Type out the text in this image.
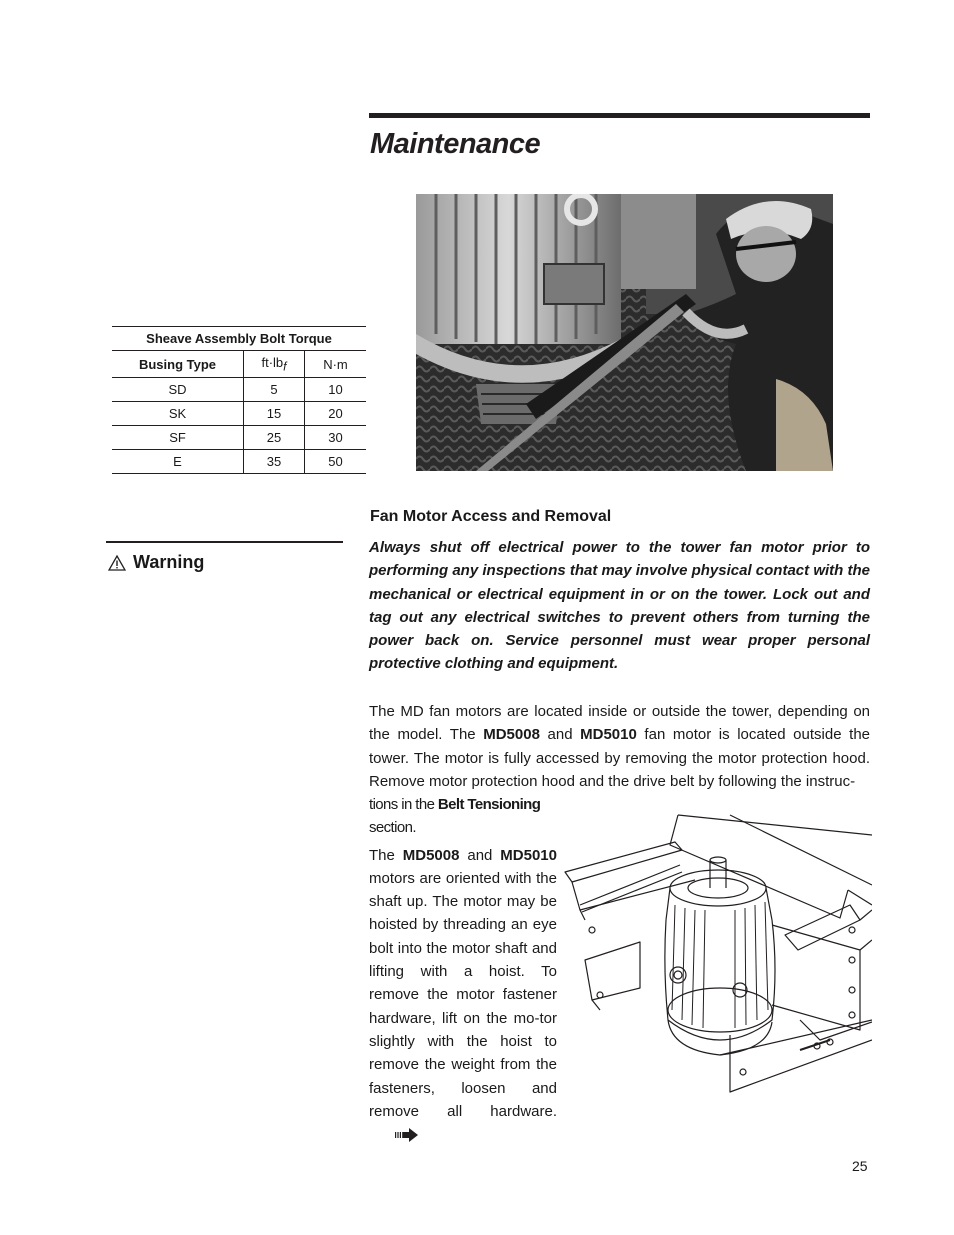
Maintenance
Sheave Assembly Bolt Torque		
Busing Type	$ft\cdot lb_f$	N·m
SD	5	10
SK	15	20
SF	25	30
E	35	50
Warning
Fan Motor Access and Removal

Always shut off electrical power to the tower fan motor prior to performing any inspections that may involve physical contact with the mechanical or electrical equipment in or on the tower. Lock out and tag out any electrical switches to prevent others from turning the power back on. Service personnel must wear proper personal protective clothing and equipment.

The MD fan motors are located inside or outside the tower, depending on the model. The MD5008 and MD5010 fan motor is located outside the tower. The motor is fully accessed by removing the motor protection hood. Remove motor protection hood and the drive belt by following the instruc-

tions in the Belt Tensioning
section.

The MD5008 and MD5010 motors are oriented with the shaft up. The motor may be hoisted by threading an eye bolt into the motor shaft and lifting with a hoist. To remove the motor fastener hardware, lift on the mo-tor slightly with the hoist to remove the weight from the fasteners, loosen and remove all hardware.

25
